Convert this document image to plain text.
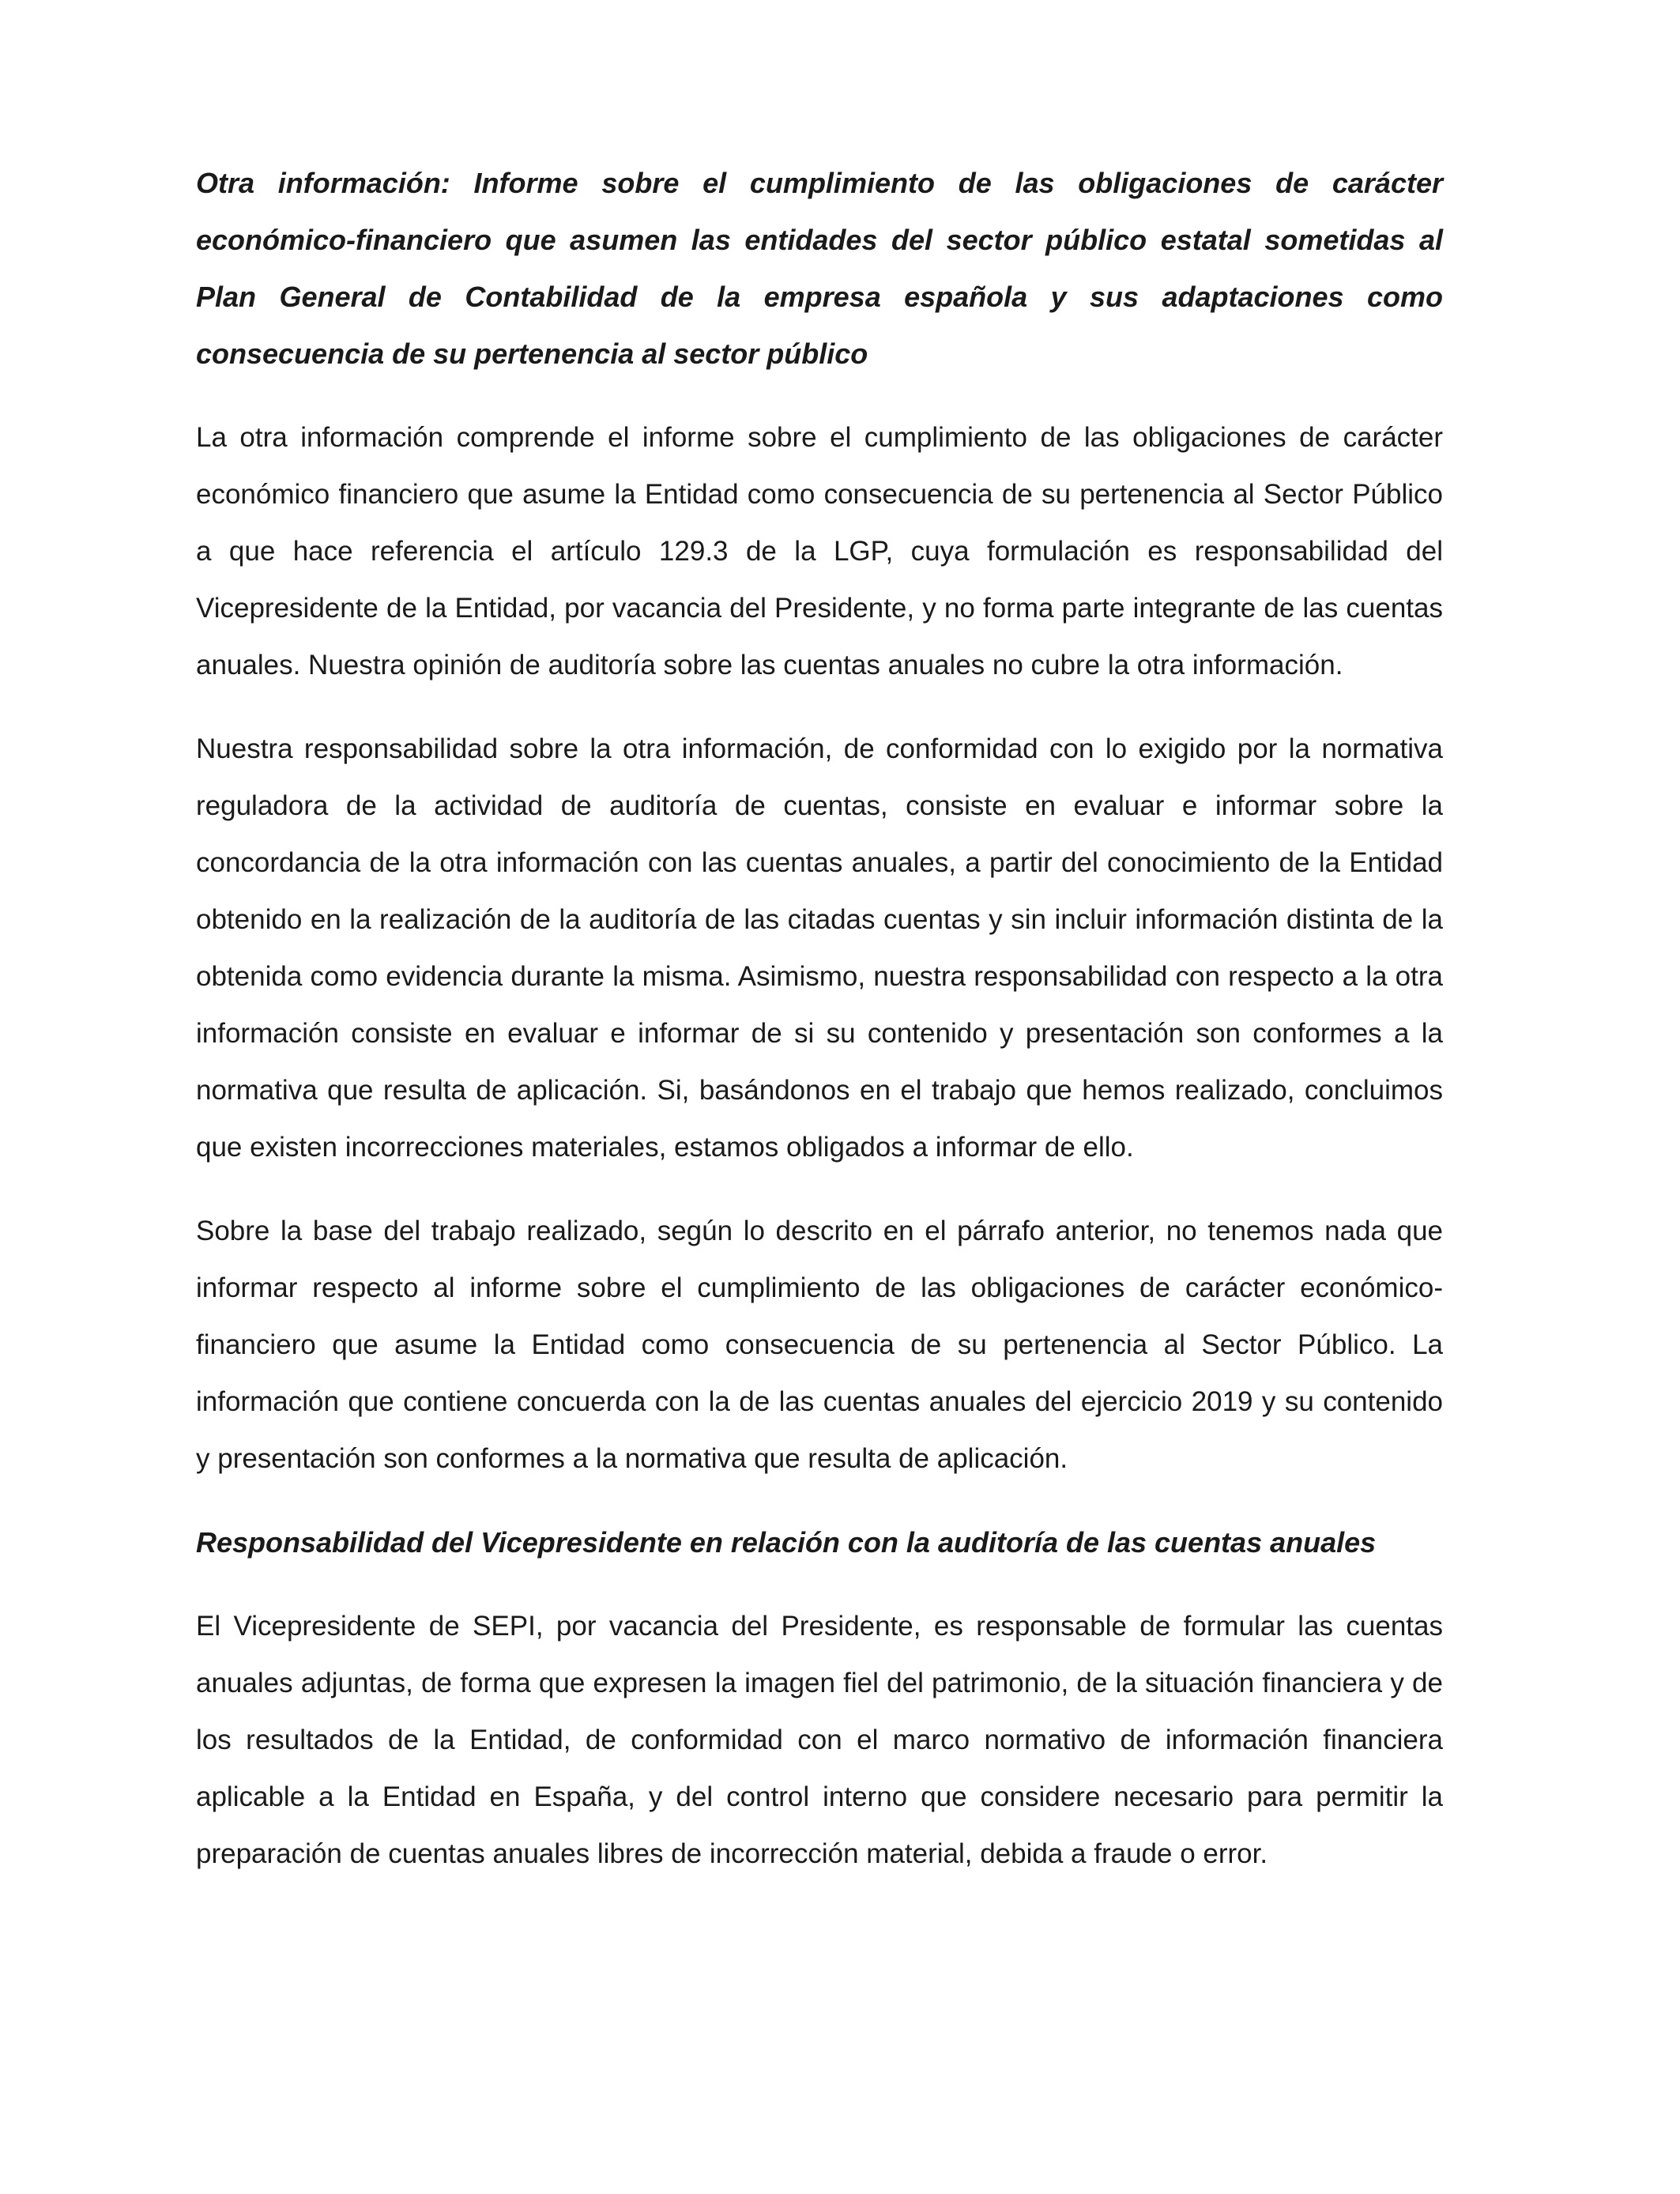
Otra información: Informe sobre el cumplimiento de las obligaciones de carácter económico-financiero que asumen las entidades del sector público estatal sometidas al Plan General de Contabilidad de la empresa española y sus adaptaciones como consecuencia de su pertenencia al sector público

La otra información comprende el informe sobre el cumplimiento de las obligaciones de carácter económico financiero que asume la Entidad como consecuencia de su pertenencia al Sector Público a que hace referencia el artículo 129.3 de la LGP, cuya formulación es responsabilidad del Vicepresidente de la Entidad, por vacancia del Presidente, y no forma parte integrante de las cuentas anuales. Nuestra opinión de auditoría sobre las cuentas anuales no cubre la otra información.

Nuestra responsabilidad sobre la otra información, de conformidad con lo exigido por la normativa reguladora de la actividad de auditoría de cuentas, consiste en evaluar e informar sobre la concordancia de la otra información con las cuentas anuales, a partir del conocimiento de la Entidad obtenido en la realización de la auditoría de las citadas cuentas y sin incluir información distinta de la obtenida como evidencia durante la misma. Asimismo, nuestra responsabilidad con respecto a la otra información consiste en evaluar e informar de si su contenido y presentación son conformes a la normativa que resulta de aplicación. Si, basándonos en el trabajo que hemos realizado, concluimos que existen incorrecciones materiales, estamos obligados a informar de ello.

Sobre la base del trabajo realizado, según lo descrito en el párrafo anterior, no tenemos nada que informar respecto al informe sobre el cumplimiento de las obligaciones de carácter económico-financiero que asume la Entidad como consecuencia de su pertenencia al Sector Público. La información que contiene concuerda con la de las cuentas anuales del ejercicio 2019 y su contenido y presentación son conformes a la normativa que resulta de aplicación.

Responsabilidad del Vicepresidente en relación con la auditoría de las cuentas anuales

El Vicepresidente de SEPI, por vacancia del Presidente, es responsable de formular las cuentas anuales adjuntas, de forma que expresen la imagen fiel del patrimonio, de la situación financiera y de los resultados de la Entidad, de conformidad con el marco normativo de información financiera aplicable a la Entidad en España, y del control interno que considere necesario para permitir la preparación de cuentas anuales libres de incorrección material, debida a fraude o error.
